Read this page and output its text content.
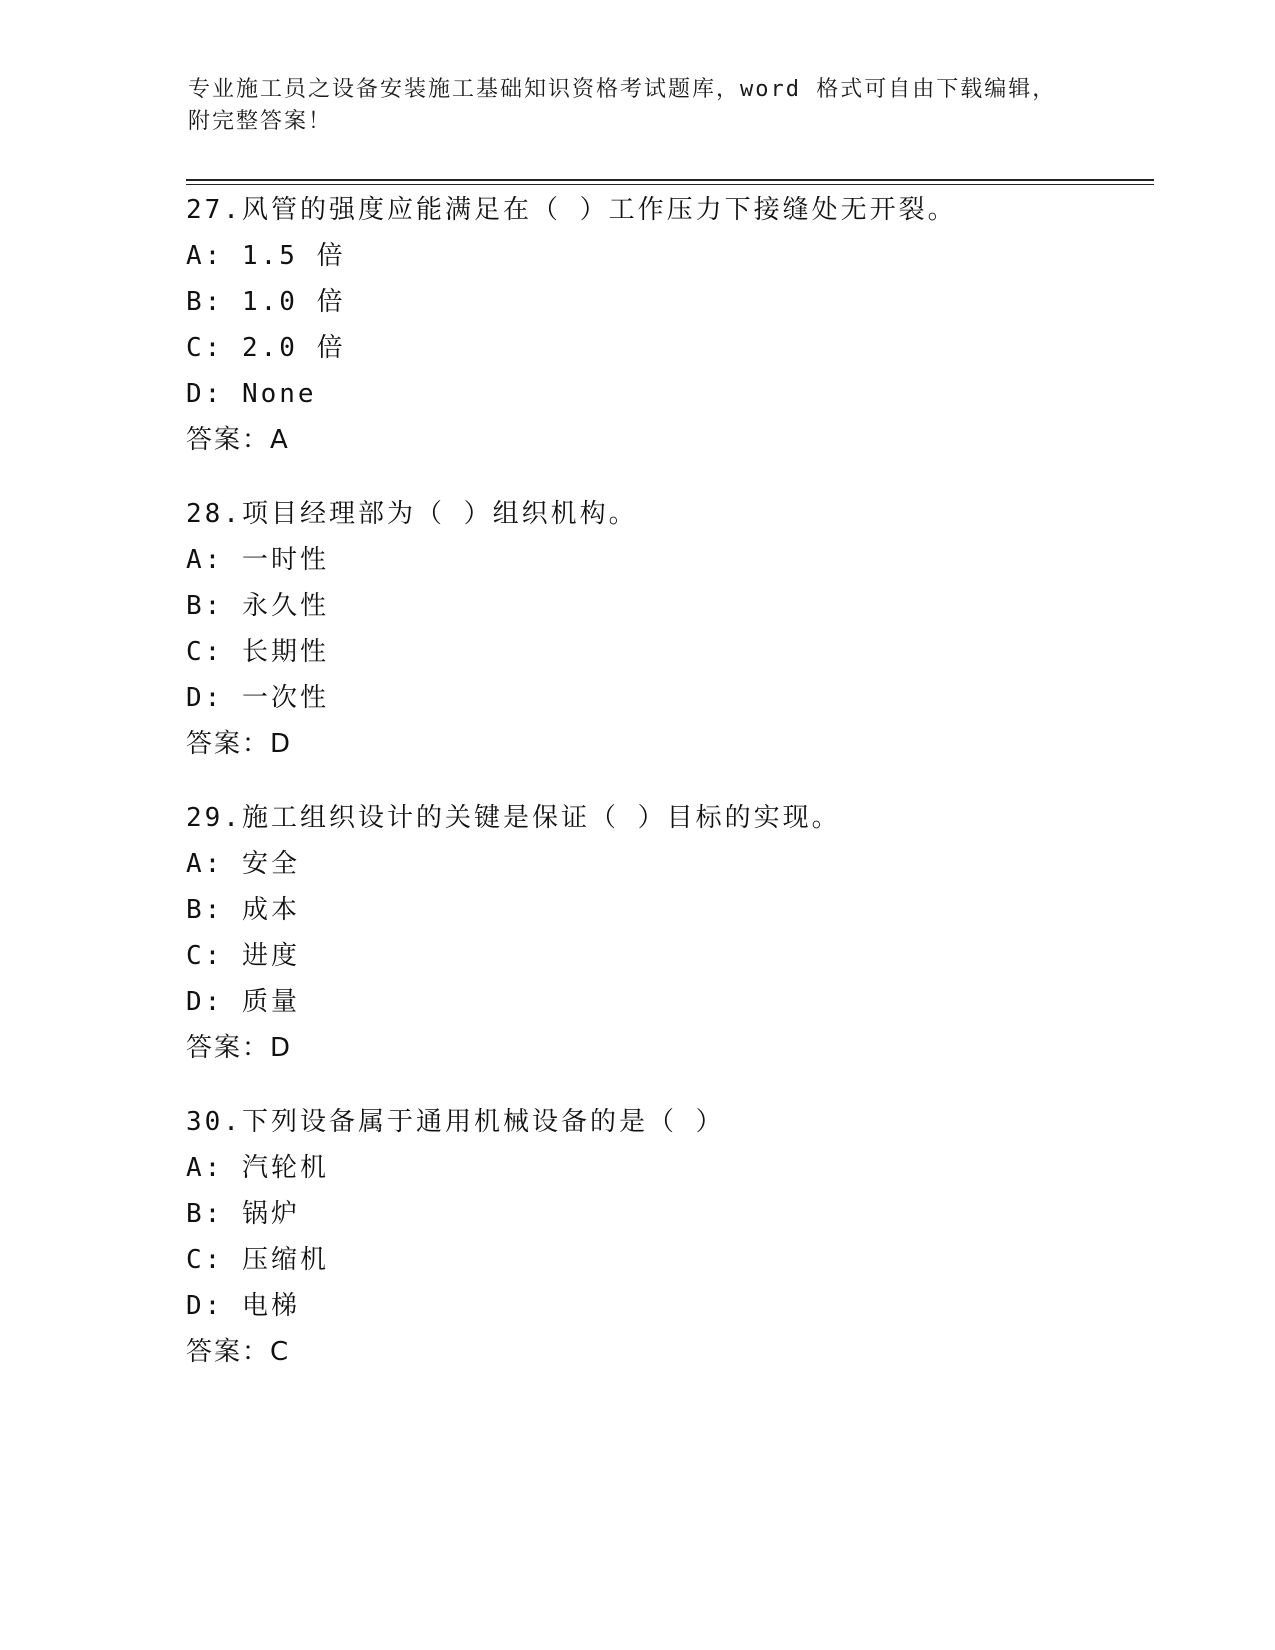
专业施工员之设备安装施工基础知识资格考试题库，word 格式可自由下载编辑，
附完整答案！
27.风管的强度应能满足在（ ）工作压力下接缝处无开裂。
A: 1.5 倍
B: 1.0 倍
C: 2.0 倍
D: None
答案：A
28.项目经理部为（ ）组织机构。
A: 一时性
B: 永久性
C: 长期性
D: 一次性
答案：D
29.施工组织设计的关键是保证（ ）目标的实现。
A: 安全
B: 成本
C: 进度
D: 质量
答案：D
30.下列设备属于通用机械设备的是（ ）
A: 汽轮机
B: 锅炉
C: 压缩机
D: 电梯
答案：C
